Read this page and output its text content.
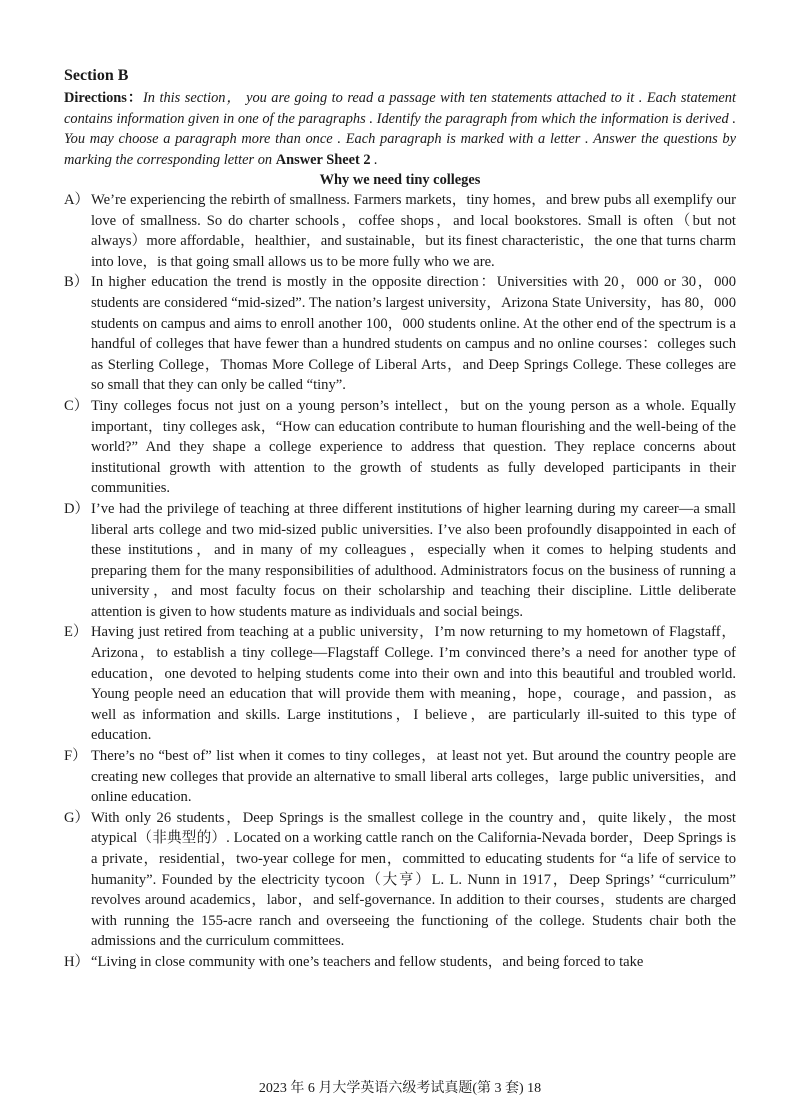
Section B

Directions：In this section， you are going to read a passage with ten statements attached to it . Each statement contains information given in one of the paragraphs . Identify the paragraph from which the information is derived . You may choose a paragraph more than once . Each paragraph is marked with a letter . Answer the questions by marking the corresponding letter on Answer Sheet 2 .

Why we need tiny colleges

A） We’re experiencing the rebirth of smallness. Farmers markets，tiny homes，and brew pubs all exemplify our love of smallness. So do charter schools，coffee shops，and local bookstores. Small is often（but not always）more affordable，healthier，and sustainable，but its finest characteristic，the one that turns charm into love，is that going small allows us to be more fully who we are.

B） In higher education the trend is mostly in the opposite direction：Universities with 20，000 or 30，000 students are considered “mid-sized”. The nation’s largest university，Arizona State University，has 80，000 students on campus and aims to enroll another 100，000 students online. At the other end of the spectrum is a handful of colleges that have fewer than a hundred students on campus and no online courses：colleges such as Sterling College，Thomas More College of Liberal Arts，and Deep Springs College. These colleges are so small that they can only be called “tiny”.

C） Tiny colleges focus not just on a young person’s intellect，but on the young person as a whole. Equally important，tiny colleges ask，“How can education contribute to human flourishing and the well-being of the world?” And they shape a college experience to address that question. They replace concerns about institutional growth with attention to the growth of students as fully developed participants in their communities.

D） I’ve had the privilege of teaching at three different institutions of higher learning during my career—a small liberal arts college and two mid-sized public universities. I’ve also been profoundly disappointed in each of these institutions，and in many of my colleagues，especially when it comes to helping students and preparing them for the many responsibilities of adulthood. Administrators focus on the business of running a university，and most faculty focus on their scholarship and teaching their discipline. Little deliberate attention is given to how students mature as individuals and social beings.

E） Having just retired from teaching at a public university，I’m now returning to my hometown of Flagstaff，Arizona，to establish a tiny college—Flagstaff College. I’m convinced there’s a need for another type of education，one devoted to helping students come into their own and into this beautiful and troubled world. Young people need an education that will provide them with meaning，hope，courage，and passion，as well as information and skills. Large institutions，I believe，are particularly ill-suited to this type of education.

F） There’s no “best of” list when it comes to tiny colleges，at least not yet. But around the country people are creating new colleges that provide an alternative to small liberal arts colleges，large public universities，and online education.

G） With only 26 students，Deep Springs is the smallest college in the country and，quite likely，the most atypical（非典型的）. Located on a working cattle ranch on the California-Nevada border，Deep Springs is a private，residential，two-year college for men，committed to educating students for “a life of service to humanity”. Founded by the electricity tycoon（大亨）L. L. Nunn in 1917，Deep Springs’ “curriculum” revolves around academics，labor，and self-governance. In addition to their courses，students are charged with running the 155-acre ranch and overseeing the functioning of the college. Students chair both the admissions and the curriculum committees.

H） “Living in close community with one’s teachers and fellow students，and being forced to take

2023 年 6 月大学英语六级考试真题(第 3 套) 18
